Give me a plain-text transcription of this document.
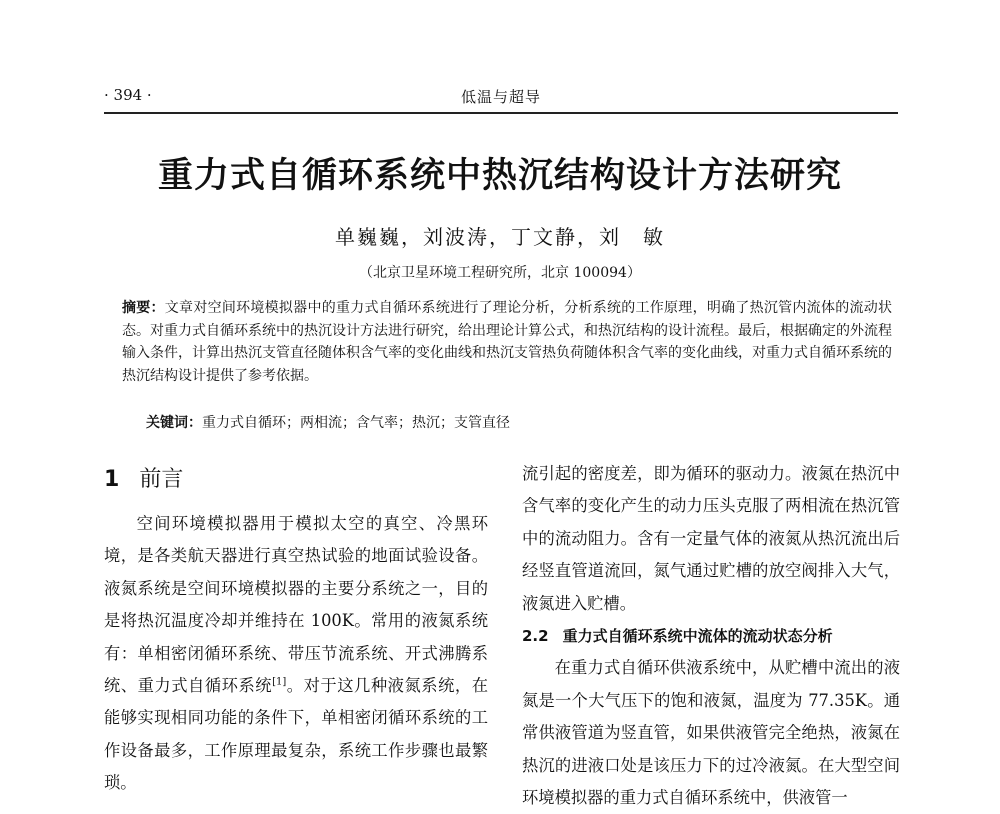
· 394 ·	低温与超导
重力式自循环系统中热沉结构设计方法研究
单巍巍，刘波涛，丁文静，刘　敏
（北京卫星环境工程研究所，北京 100094）
摘要：文章对空间环境模拟器中的重力式自循环系统进行了理论分析，分析系统的工作原理，明确了热沉管内流体的流动状态。对重力式自循环系统中的热沉设计方法进行研究，给出理论计算公式，和热沉结构的设计流程。最后，根据确定的外流程输入条件，计算出热沉支管直径随体积含气率的变化曲线和热沉支管热负荷随体积含气率的变化曲线，对重力式自循环系统的热沉结构设计提供了参考依据。
关键词：重力式自循环；两相流；含气率；热沉；支管直径
1 前言

空间环境模拟器用于模拟太空的真空、冷黑环境，是各类航天器进行真空热试验的地面试验设备。液氮系统是空间环境模拟器的主要分系统之一，目的是将热沉温度冷却并维持在 100K。常用的液氮系统有：单相密闭循环系统、带压节流系统、开式沸腾系统、重力式自循环系统[1]。对于这几种液氮系统，在能够实现相同功能的条件下，单相密闭循环系统的工作设备最多，工作原理最复杂，系统工作步骤也最繁琐。

流引起的密度差，即为循环的驱动力。液氮在热沉中含气率的变化产生的动力压头克服了两相流在热沉管中的流动阻力。含有一定量气体的液氮从热沉流出后经竖直管道流回，氮气通过贮槽的放空阀排入大气，液氮进入贮槽。

2.2 重力式自循环系统中流体的流动状态分析

在重力式自循环供液系统中，从贮槽中流出的液氮是一个大气压下的饱和液氮，温度为 77.35K。通常供液管道为竖直管，如果供液管完全绝热，液氮在热沉的进液口处是该压力下的过冷液氮。在大型空间环境模拟器的重力式自循环系统中，供液管一
